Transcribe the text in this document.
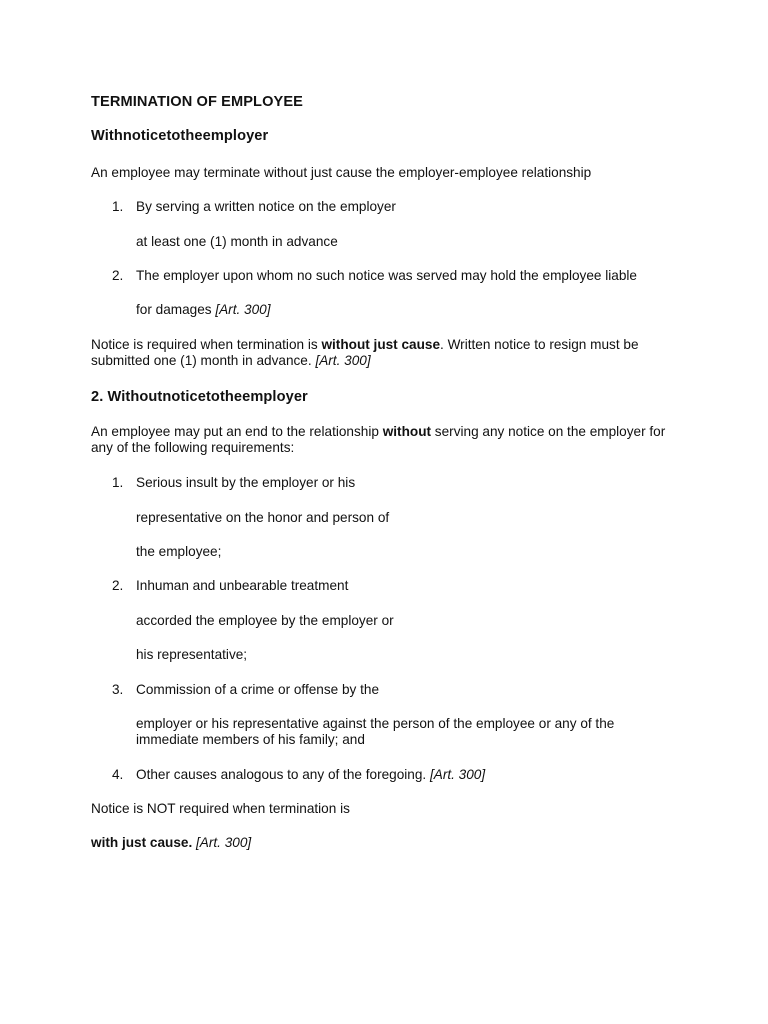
TERMINATION OF EMPLOYEE
Withnoticetotheemployer
An employee may terminate without just cause the employer-employee relationship
1. By serving a written notice on the employer
at least one (1) month in advance
2. The employer upon whom no such notice was served may hold the employee liable
for damages [Art. 300]
Notice is required when termination is without just cause. Written notice to resign must be
submitted one (1) month in advance. [Art. 300]
2. Withoutnoticetotheemployer
An employee may put an end to the relationship without serving any notice on the employer for
any of the following requirements:
1. Serious insult by the employer or his
representative on the honor and person of
the employee;
2. Inhuman and unbearable treatment
accorded the employee by the employer or
his representative;
3. Commission of a crime or offense by the
employer or his representative against the person of the employee or any of the
immediate members of his family; and
4. Other causes analogous to any of the foregoing. [Art. 300]
Notice is NOT required when termination is
with just cause. [Art. 300]
